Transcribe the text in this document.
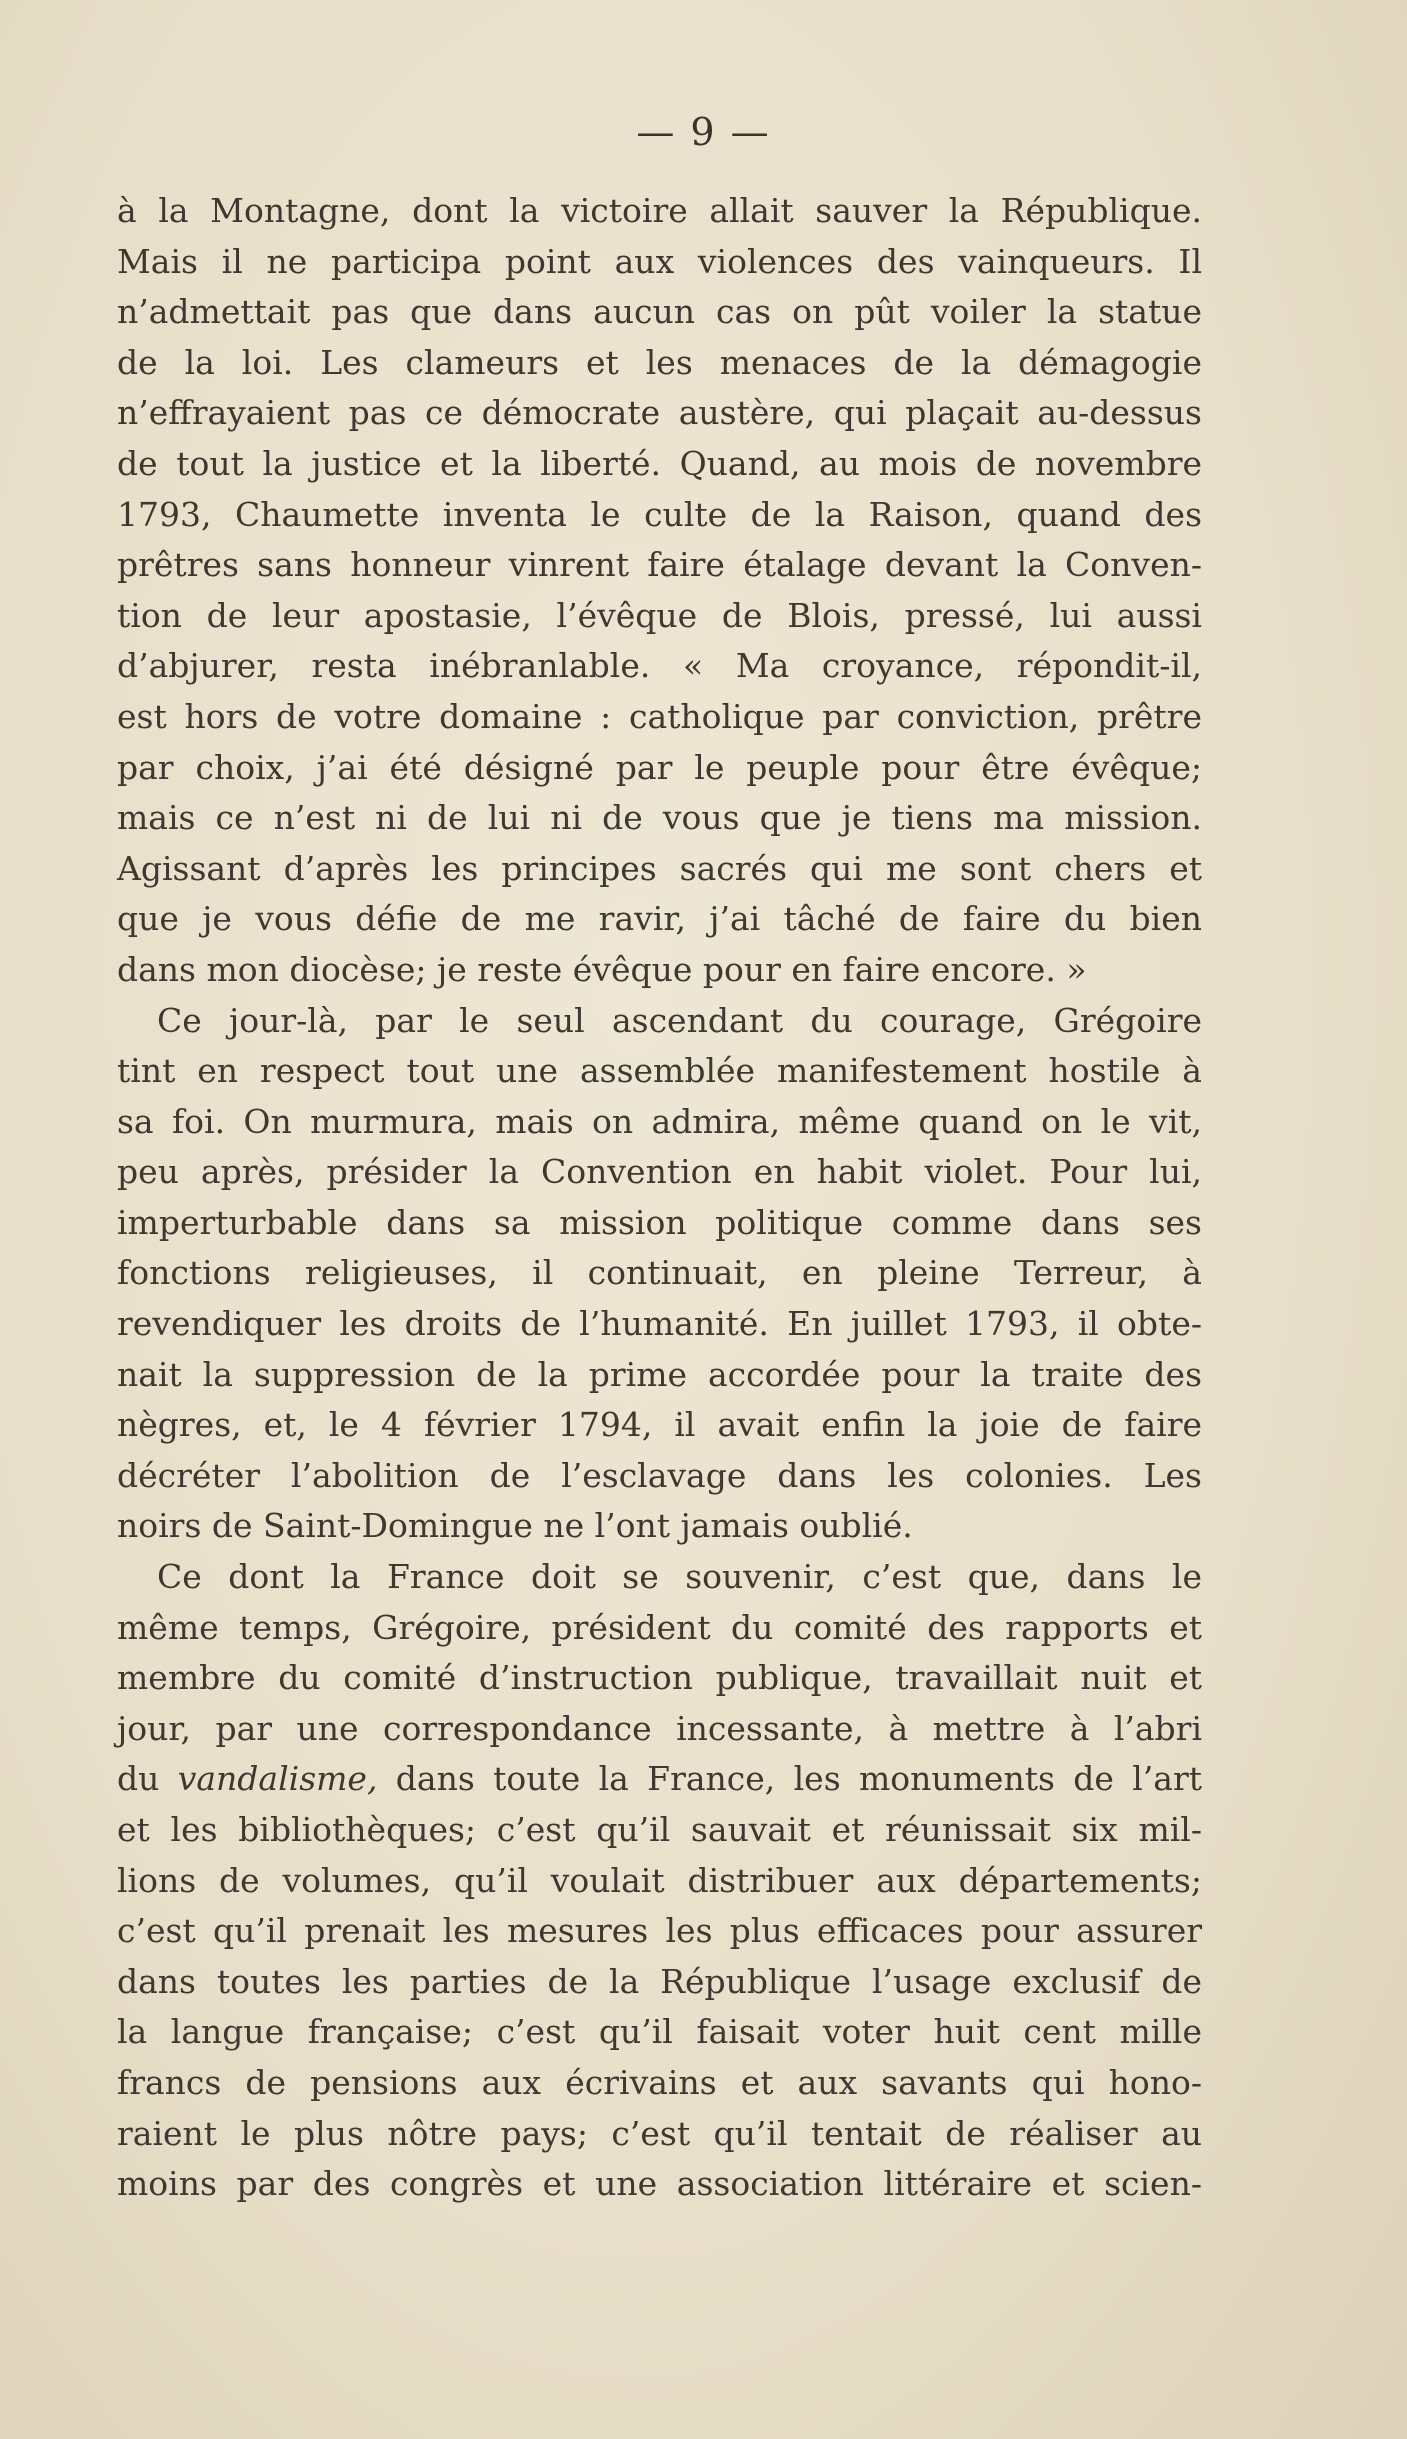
— 9 —
à la Montagne, dont la victoire allait sauver la République.
Mais il ne participa point aux violences des vainqueurs. Il
n’admettait pas que dans aucun cas on pût voiler la statue
de la loi. Les clameurs et les menaces de la démagogie
n’effrayaient pas ce démocrate austère, qui plaçait au-dessus
de tout la justice et la liberté. Quand, au mois de novembre
1793, Chaumette inventa le culte de la Raison, quand des
prêtres sans honneur vinrent faire étalage devant la Conven-
tion de leur apostasie, l’évêque de Blois, pressé, lui aussi
d’abjurer, resta inébranlable. « Ma croyance, répondit-il,
est hors de votre domaine : catholique par conviction, prêtre
par choix, j’ai été désigné par le peuple pour être évêque;
mais ce n’est ni de lui ni de vous que je tiens ma mission.
Agissant d’après les principes sacrés qui me sont chers et
que je vous défie de me ravir, j’ai tâché de faire du bien
dans mon diocèse; je reste évêque pour en faire encore. »
Ce jour-là, par le seul ascendant du courage, Grégoire
tint en respect tout une assemblée manifestement hostile à
sa foi. On murmura, mais on admira, même quand on le vit,
peu après, présider la Convention en habit violet. Pour lui,
imperturbable dans sa mission politique comme dans ses
fonctions religieuses, il continuait, en pleine Terreur, à
revendiquer les droits de l’humanité. En juillet 1793, il obte-
nait la suppression de la prime accordée pour la traite des
nègres, et, le 4 février 1794, il avait enfin la joie de faire
décréter l’abolition de l’esclavage dans les colonies. Les
noirs de Saint-Domingue ne l’ont jamais oublié.
Ce dont la France doit se souvenir, c’est que, dans le
même temps, Grégoire, président du comité des rapports et
membre du comité d’instruction publique, travaillait nuit et
jour, par une correspondance incessante, à mettre à l’abri
du vandalisme, dans toute la France, les monuments de l’art
et les bibliothèques; c’est qu’il sauvait et réunissait six mil-
lions de volumes, qu’il voulait distribuer aux départements;
c’est qu’il prenait les mesures les plus efficaces pour assurer
dans toutes les parties de la République l’usage exclusif de
la langue française; c’est qu’il faisait voter huit cent mille
francs de pensions aux écrivains et aux savants qui hono-
raient le plus nôtre pays; c’est qu’il tentait de réaliser au
moins par des congrès et une association littéraire et scien-
